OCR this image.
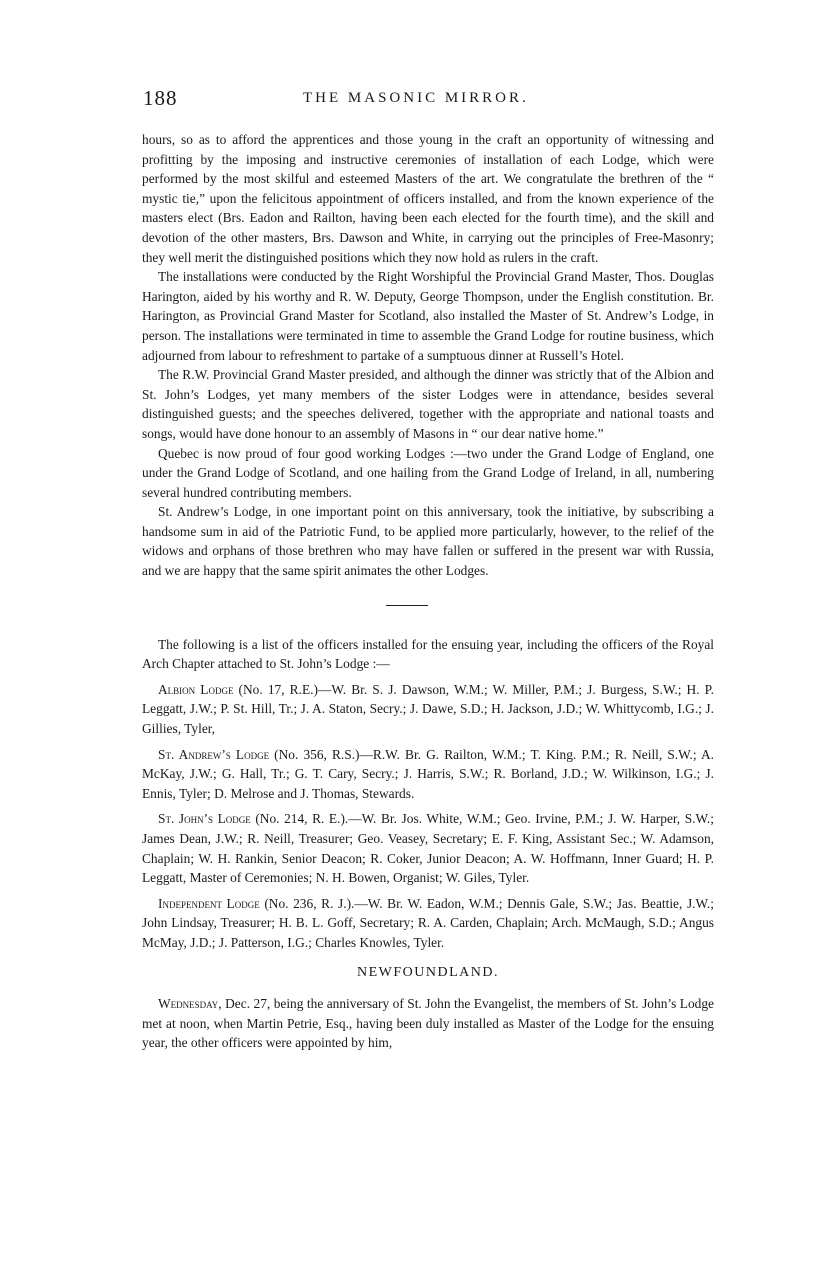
188	THE MASONIC MIRROR.

hours, so as to afford the apprentices and those young in the craft an opportunity of witnessing and profitting by the imposing and instructive ceremonies of installation of each Lodge, which were performed by the most skilful and esteemed Masters of the art. We congratulate the brethren of the “ mystic tie,” upon the felicitous appointment of officers installed, and from the known experience of the masters elect (Brs. Eadon and Railton, having been each elected for the fourth time), and the skill and devotion of the other masters, Brs. Dawson and White, in carrying out the principles of Free-Masonry; they well merit the distinguished positions which they now hold as rulers in the craft.

The installations were conducted by the Right Worshipful the Provincial Grand Master, Thos. Douglas Harington, aided by his worthy and R. W. Deputy, George Thompson, under the English constitution. Br. Harington, as Provincial Grand Master for Scotland, also installed the Master of St. Andrew’s Lodge, in person. The installations were terminated in time to assemble the Grand Lodge for routine business, which adjourned from labour to refreshment to partake of a sumptuous dinner at Russell’s Hotel.

The R.W. Provincial Grand Master presided, and although the dinner was strictly that of the Albion and St. John’s Lodges, yet many members of the sister Lodges were in attendance, besides several distinguished guests; and the speeches delivered, together with the appropriate and national toasts and songs, would have done honour to an assembly of Masons in “ our dear native home.”

Quebec is now proud of four good working Lodges :—two under the Grand Lodge of England, one under the Grand Lodge of Scotland, and one hailing from the Grand Lodge of Ireland, in all, numbering several hundred contributing members.

St. Andrew’s Lodge, in one important point on this anniversary, took the initiative, by subscribing a handsome sum in aid of the Patriotic Fund, to be applied more particularly, however, to the relief of the widows and orphans of those brethren who may have fallen or suffered in the present war with Russia, and we are happy that the same spirit animates the other Lodges.

The following is a list of the officers installed for the ensuing year, including the officers of the Royal Arch Chapter attached to St. John’s Lodge :—

Albion Lodge (No. 17, R.E.)—W. Br. S. J. Dawson, W.M.; W. Miller, P.M.; J. Burgess, S.W.; H. P. Leggatt, J.W.; P. St. Hill, Tr.; J. A. Staton, Secry.; J. Dawe, S.D.; H. Jackson, J.D.; W. Whittycomb, I.G.; J. Gillies, Tyler,

St. Andrew’s Lodge (No. 356, R.S.)—R.W. Br. G. Railton, W.M.; T. King. P.M.; R. Neill, S.W.; A. McKay, J.W.; G. Hall, Tr.; G. T. Cary, Secry.; J. Harris, S.W.; R. Borland, J.D.; W. Wilkinson, I.G.; J. Ennis, Tyler; D. Melrose and J. Thomas, Stewards.

St. John’s Lodge (No. 214, R. E.).—W. Br. Jos. White, W.M.; Geo. Irvine, P.M.; J. W. Harper, S.W.; James Dean, J.W.; R. Neill, Treasurer; Geo. Veasey, Secretary; E. F. King, Assistant Sec.; W. Adamson, Chaplain; W. H. Rankin, Senior Deacon; R. Coker, Junior Deacon; A. W. Hoffmann, Inner Guard; H. P. Leggatt, Master of Ceremonies; N. H. Bowen, Organist; W. Giles, Tyler.

Independent Lodge (No. 236, R. J.).—W. Br. W. Eadon, W.M.; Dennis Gale, S.W.; Jas. Beattie, J.W.; John Lindsay, Treasurer; H. B. L. Goff, Secretary; R. A. Carden, Chaplain; Arch. McMaugh, S.D.; Angus McMay, J.D.; J. Patterson, I.G.; Charles Knowles, Tyler.

NEWFOUNDLAND.

Wednesday, Dec. 27, being the anniversary of St. John the Evangelist, the members of St. John’s Lodge met at noon, when Martin Petrie, Esq., having been duly installed as Master of the Lodge for the ensuing year, the other officers were appointed by him,
